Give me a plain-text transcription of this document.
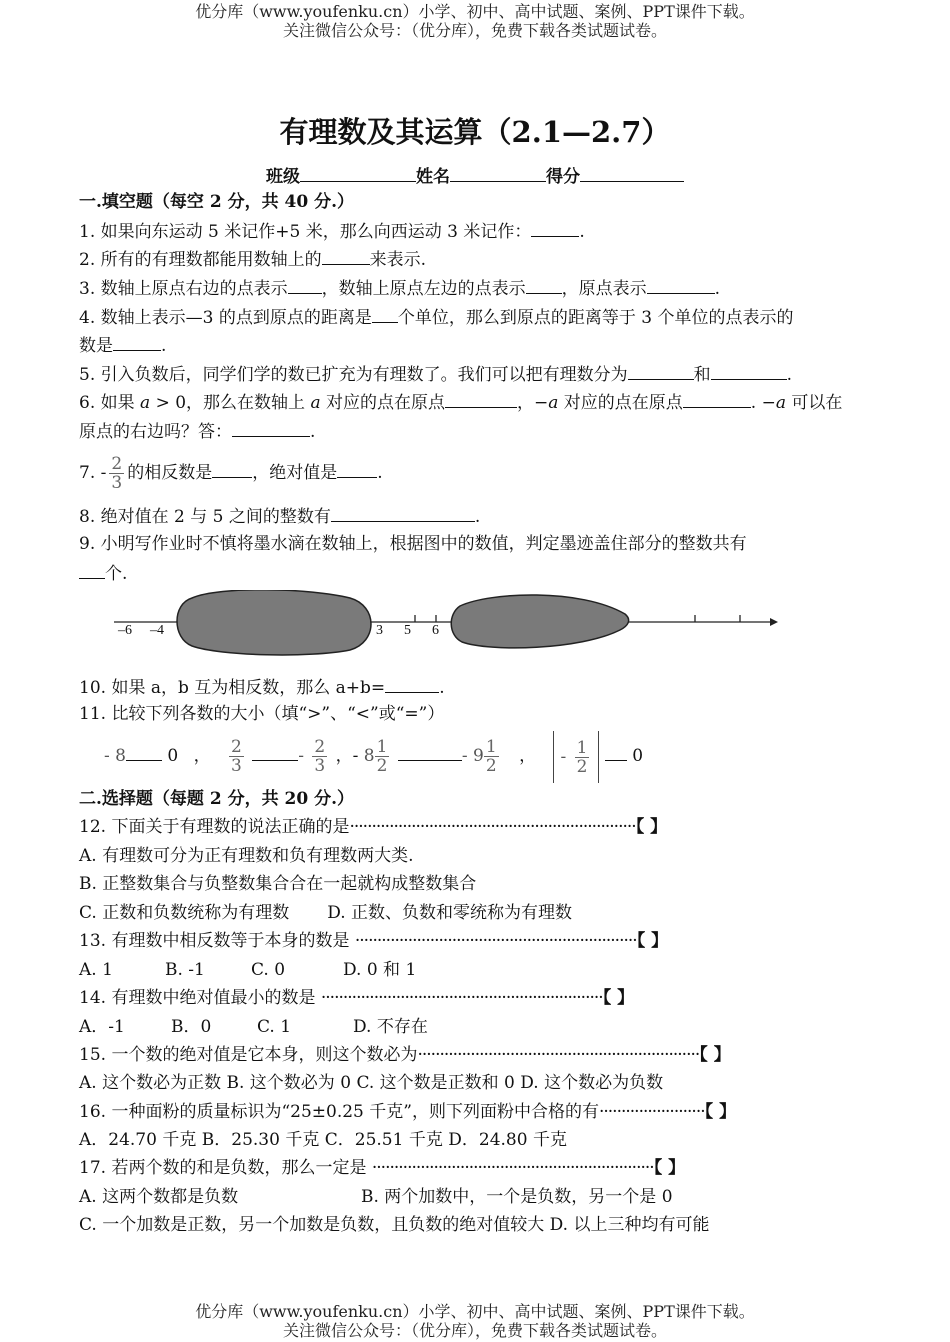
优分库（www.youfenku.cn）小学、初中、高中试题、案例、PPT课件下载。
关注微信公众号：（优分库），免费下载各类试题试卷。
有理数及其运算（2.1—2.7）
班级	姓名	得分
一.填空题（每空 2 分，共 40 分.）
1. 如果向东运动 5 米记作+5 米，那么向西运动 3 米记作：	.
2. 所有的有理数都能用数轴上的	来表示.
3. 数轴上原点右边的点表示 ，数轴上原点左边的点表示 ，原点表示	.
4. 数轴上表示—3 的点到原点的距离是 个单位，那么到原点的距离等于 3 个单位的点表示的
数是	.
5. 引入负数后，同学们学的数已扩充为有理数了。我们可以把有理数分为	和	.
6. 如果 a > 0，那么在数轴上 a 对应的点在原点	，−a 对应的点在原点	. −a 可以在
原点的右边吗？答：	.
7. - $\frac{2}{3}$ 的相反数是 ，绝对值是 .
8. 绝对值在 2 与 5 之间的整数有	.
9. 小明写作业时不慎将墨水滴在数轴上，根据图中的数值，判定墨迹盖住部分的整数共有
个.
–6 –4	3 5 6
10. 如果 a，b 互为相反数，那么 a+b=	.
11. 比较下列各数的大小（填“>”、“<”或“=”）
- 8 0 ， $\frac{2}{3}$	- $\frac{2}{3}$ ，- $8 \frac{1}{2}$	- $9 \frac{1}{2}$ ， - $\frac{1}{2}$	0
二.选择题（每题 2 分，共 20 分.）
12. 下面关于有理数的说法正确的是·································································【 】
A. 有理数可分为正有理数和负有理数两大类.
B. 正整数集合与负整数集合合在一起就构成整数集合
C. 正数和负数统称为有理数 D. 正数、负数和零统称为有理数
13. 有理数中相反数等于本身的数是 ································································【 】
A. 1	B. -1	C. 0	D. 0 和 1
14. 有理数中绝对值最小的数是 ································································【 】
A．-1	B．0	C. 1	D. 不存在
15. 一个数的绝对值是它本身，则这个数必为································································【 】
A. 这个数必为正数 B. 这个数必为 0 C. 这个数是正数和 0 D. 这个数必为负数
16. 一种面粉的质量标识为“25±0.25 千克”，则下列面粉中合格的有························【 】
A．24.70 千克 B．25.30 千克 C．25.51 千克 D．24.80 千克
17. 若两个数的和是负数，那么一定是 ································································【 】
A. 这两个数都是负数	B. 两个加数中，一个是负数，另一个是 0
C. 一个加数是正数，另一个加数是负数，且负数的绝对值较大 D. 以上三种均有可能
优分库（www.youfenku.cn）小学、初中、高中试题、案例、PPT课件下载。
关注微信公众号：（优分库），免费下载各类试题试卷。
